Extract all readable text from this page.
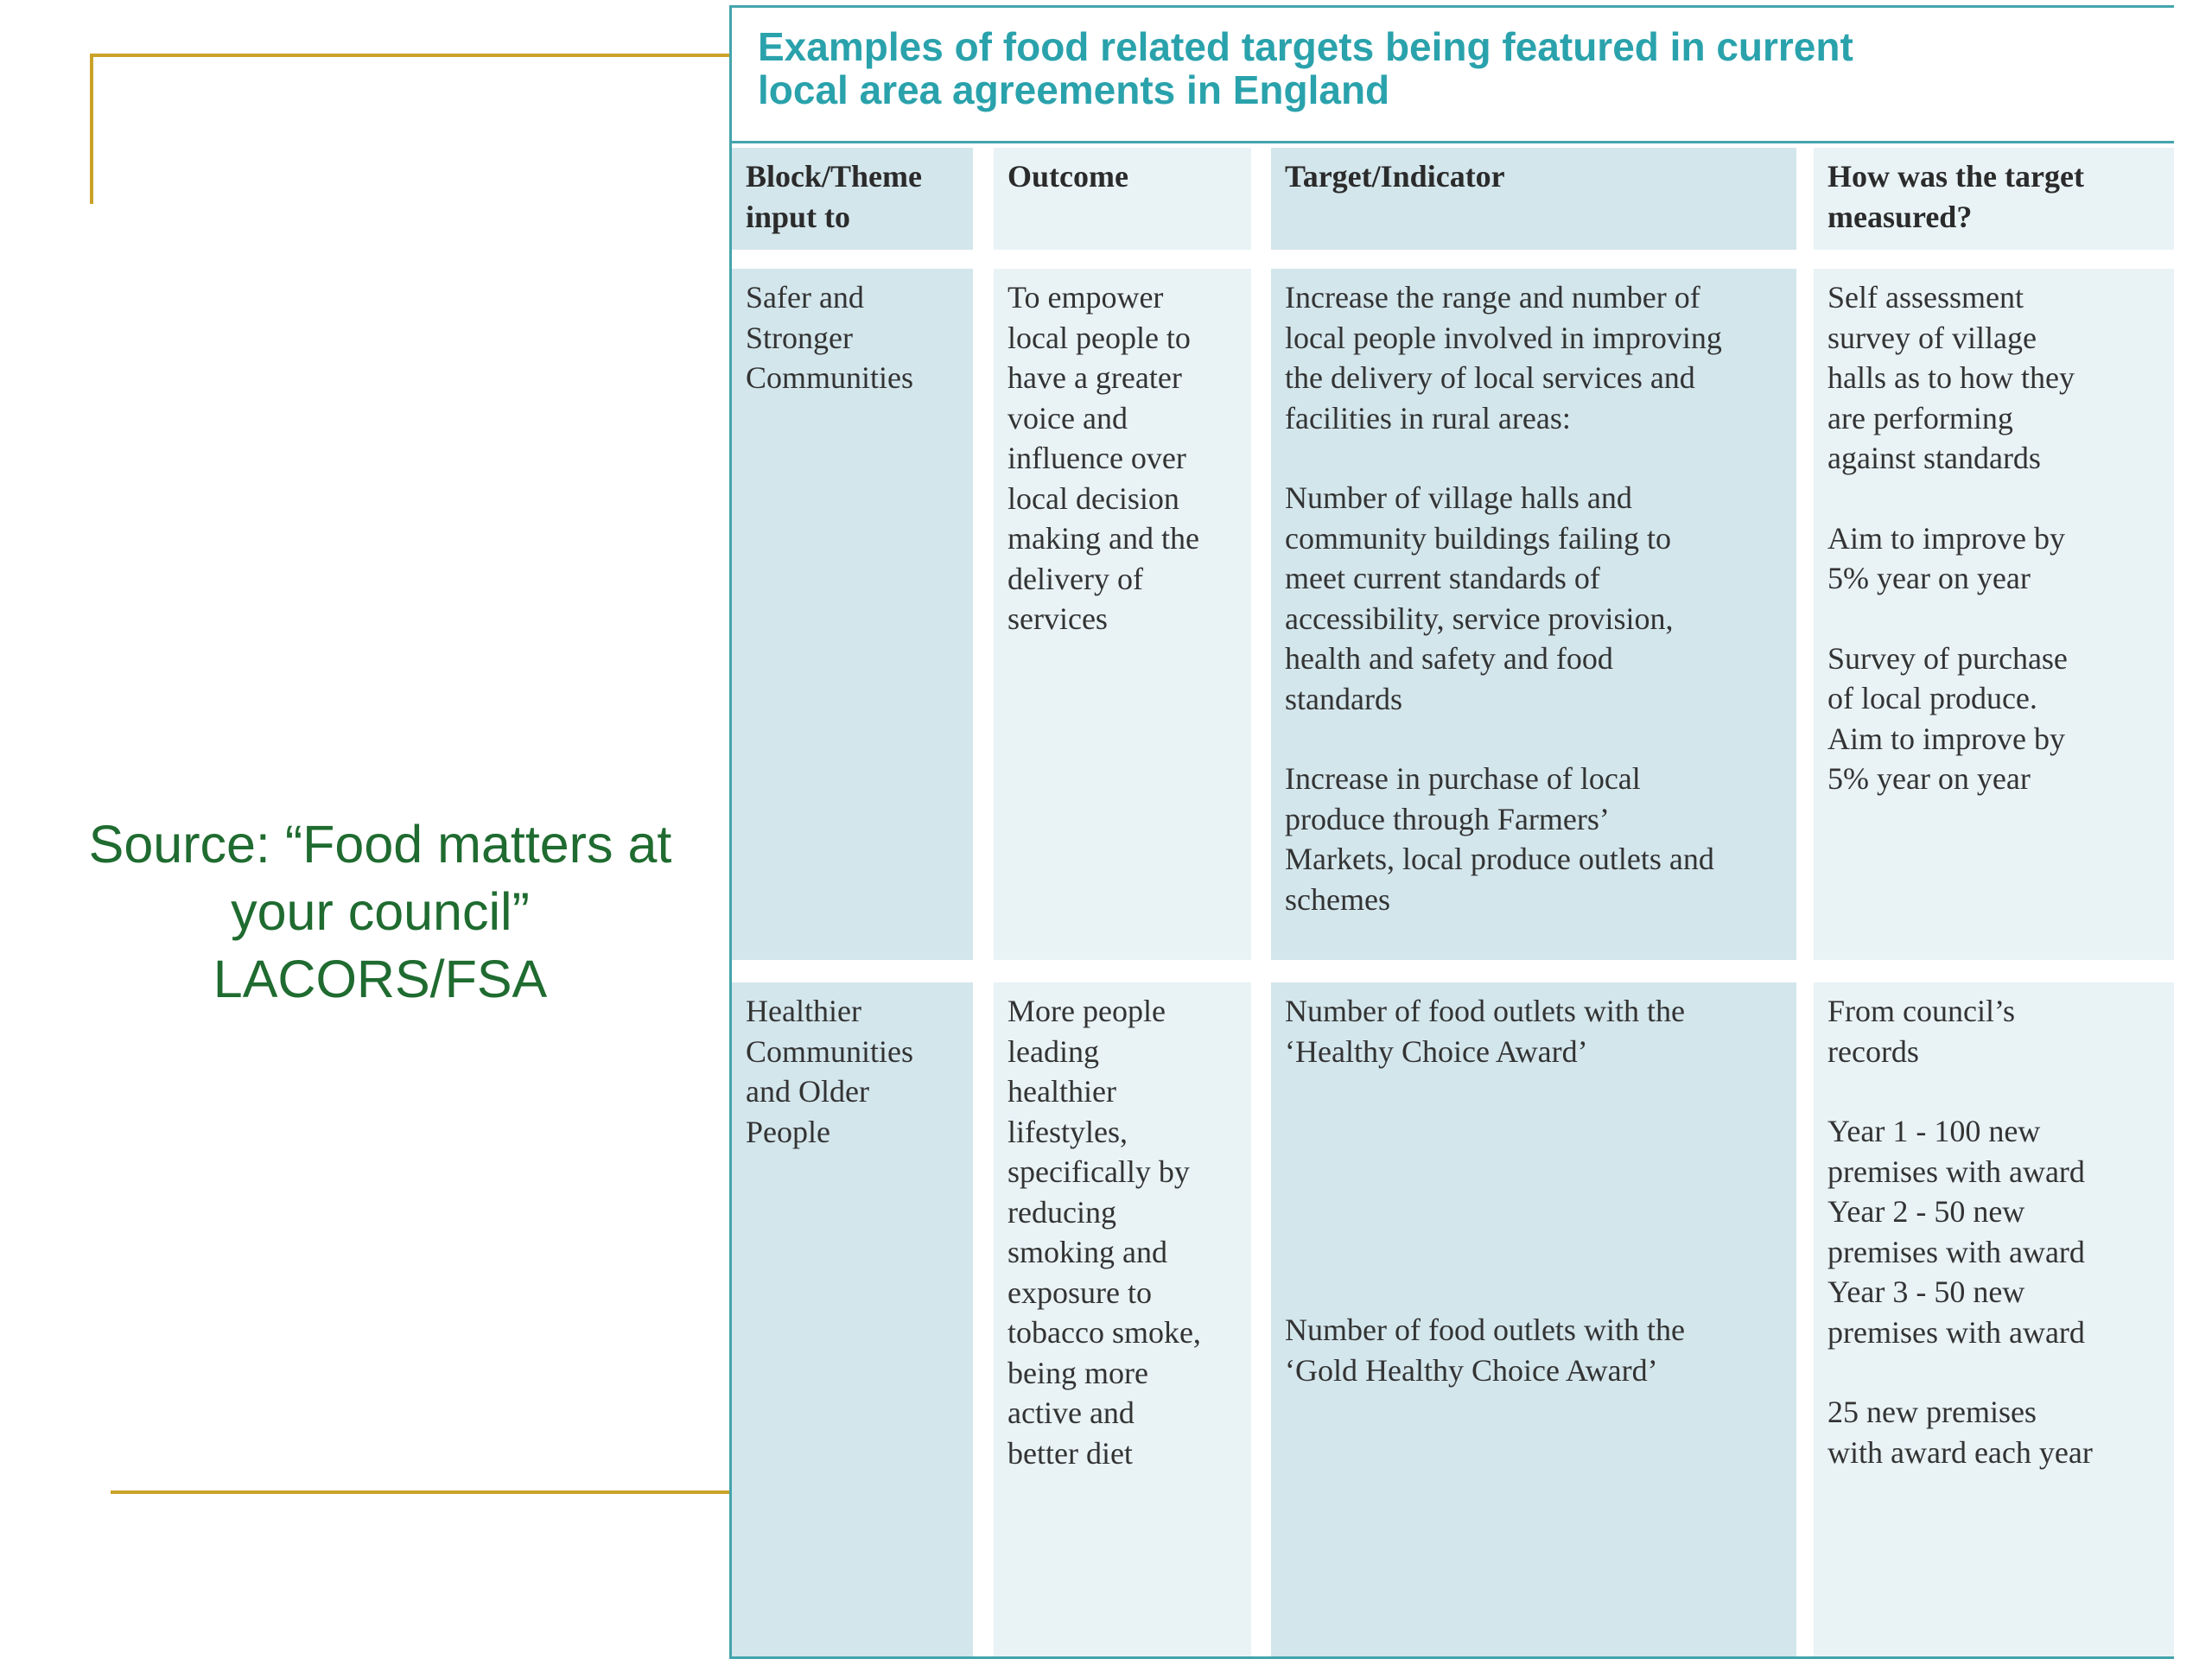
Source: “Food matters at
your council”
LACORS/FSA
Examples of food related targets being featured in current
local area agreements in England
Block/Theme
input to
Outcome	Target/Indicator	How was the target
measured?
Safer and
Stronger
Communities
To empower
local people to
have a greater
voice and
influence over
local decision
making and the
delivery of
services
Increase the range and number of
local people involved in improving
the delivery of local services and
facilities in rural areas:
Number of village halls and
community buildings failing to
meet current standards of
accessibility, service provision,
health and safety and food
standards
Increase in purchase of local
produce through Farmers’
Markets, local produce outlets and
schemes
Self assessment
survey of village
halls as to how they
are performing
against standards
Aim to improve by
5% year on year
Survey of purchase
of local produce.
Aim to improve by
5% year on year
Healthier
Communities
and Older
People
More people
leading
healthier
lifestyles,
specifically by
reducing
smoking and
exposure to
tobacco smoke,
being more
active and
better diet
Number of food outlets with the
‘Healthy Choice Award’
Number of food outlets with the
‘Gold Healthy Choice Award’
From council’s
records
Year 1 - 100 new
premises with award
Year 2 - 50 new
premises with award
Year 3 - 50 new
premises with award
25 new premises
with award each year
